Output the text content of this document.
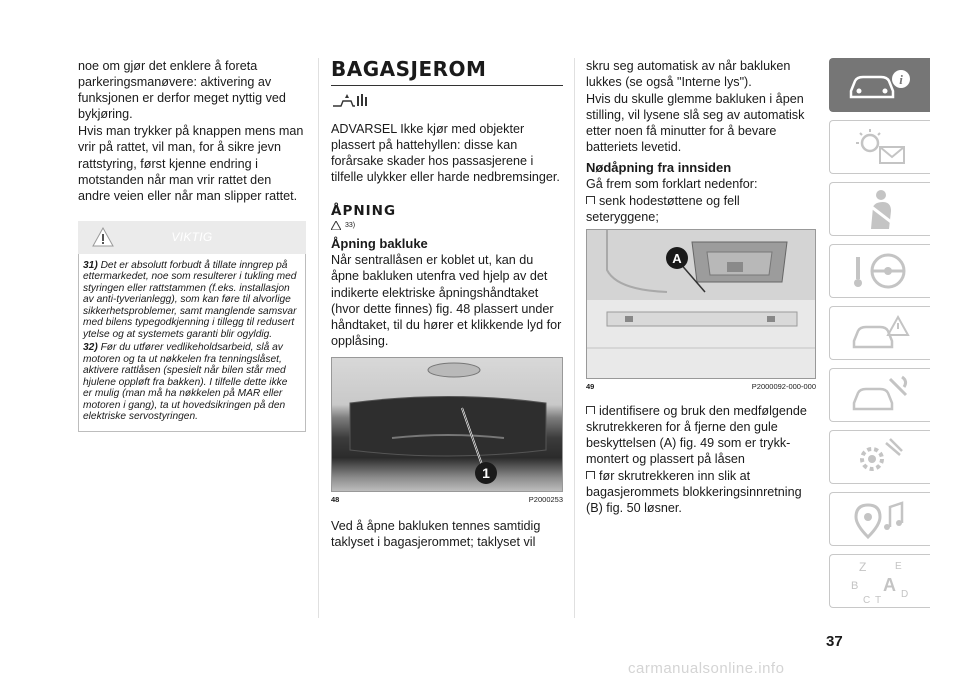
noe om gjør det enklere å foreta parkeringsmanøvere: aktivering av funksjonen er derfor meget nyttig ved bykjøring.

Hvis man trykker på knappen mens man vrir på rattet, vil man, for å sikre jevn rattstyring, først kjenne endring i motstanden når man vrir rattet den andre veien eller når man slipper rattet.

VIKTIG

31) Det er absolutt forbudt å tillate inngrep på ettermarkedet, noe som resulterer i tukling med styringen eller rattstammen (f.eks. installasjon av anti-tyverianlegg), som kan føre til alvorlige sikkerhetsproblemer, samt manglende samsvar med bilens typegodkjenning i tillegg til redusert ytelse og at systemets garanti blir ogyldig.

32) Før du utfører vedlikeholdsarbeid, slå av motoren og ta ut nøkkelen fra tenningslåset, aktivere rattlåsen (spesielt når bilen står med hjulene oppløft fra bakken). I tilfelle dette ikke er mulig (man må ha nøkkelen på MAR eller motoren i gang), ta ut hovedsikringen på den elektriske servostyringen.

BAGASJEROM

ADVARSEL Ikke kjør med objekter plassert på hattehyllen: disse kan forårsake skader hos passasjerene i tilfelle ulykker eller harde nedbremsinger.

ÅPNING
33)
Åpning bakluke

Når sentrallåsen er koblet ut, kan du åpne bakluken utenfra ved hjelp av det indikerte elektriske åpningshåndtaket (hvor dette finnes) fig. 48 plassert under håndtaket, til du hører et klikkende lyd for opplåsing.

1
48	P2000253

Ved å åpne bakluken tennes samtidig taklyset i bagasjerommet; taklyset vil

skru seg automatisk av når bakluken lukkes (se også "Interne lys").

Hvis du skulle glemme bakluken i åpen stilling, vil lysene slå seg av automatisk etter noen få minutter for å bevare batteriets levetid.

Nødåpning fra innsiden

Gå frem som forklart nedenfor:

senk hodestøttene og fell seteryggene;

A
49	P2000092-000-000

identifisere og bruk den medfølgende skrutrekkeren for å fjerne den gule beskyttelsen (A) fig. 49 som er trykk-montert og plassert på låsen

før skrutrekkeren inn slik at bagasjerommets blokkeringsinnretning (B) fig. 50 løsner.

i
Z	E
B A
C T
D
37
carmanualsonline.info
